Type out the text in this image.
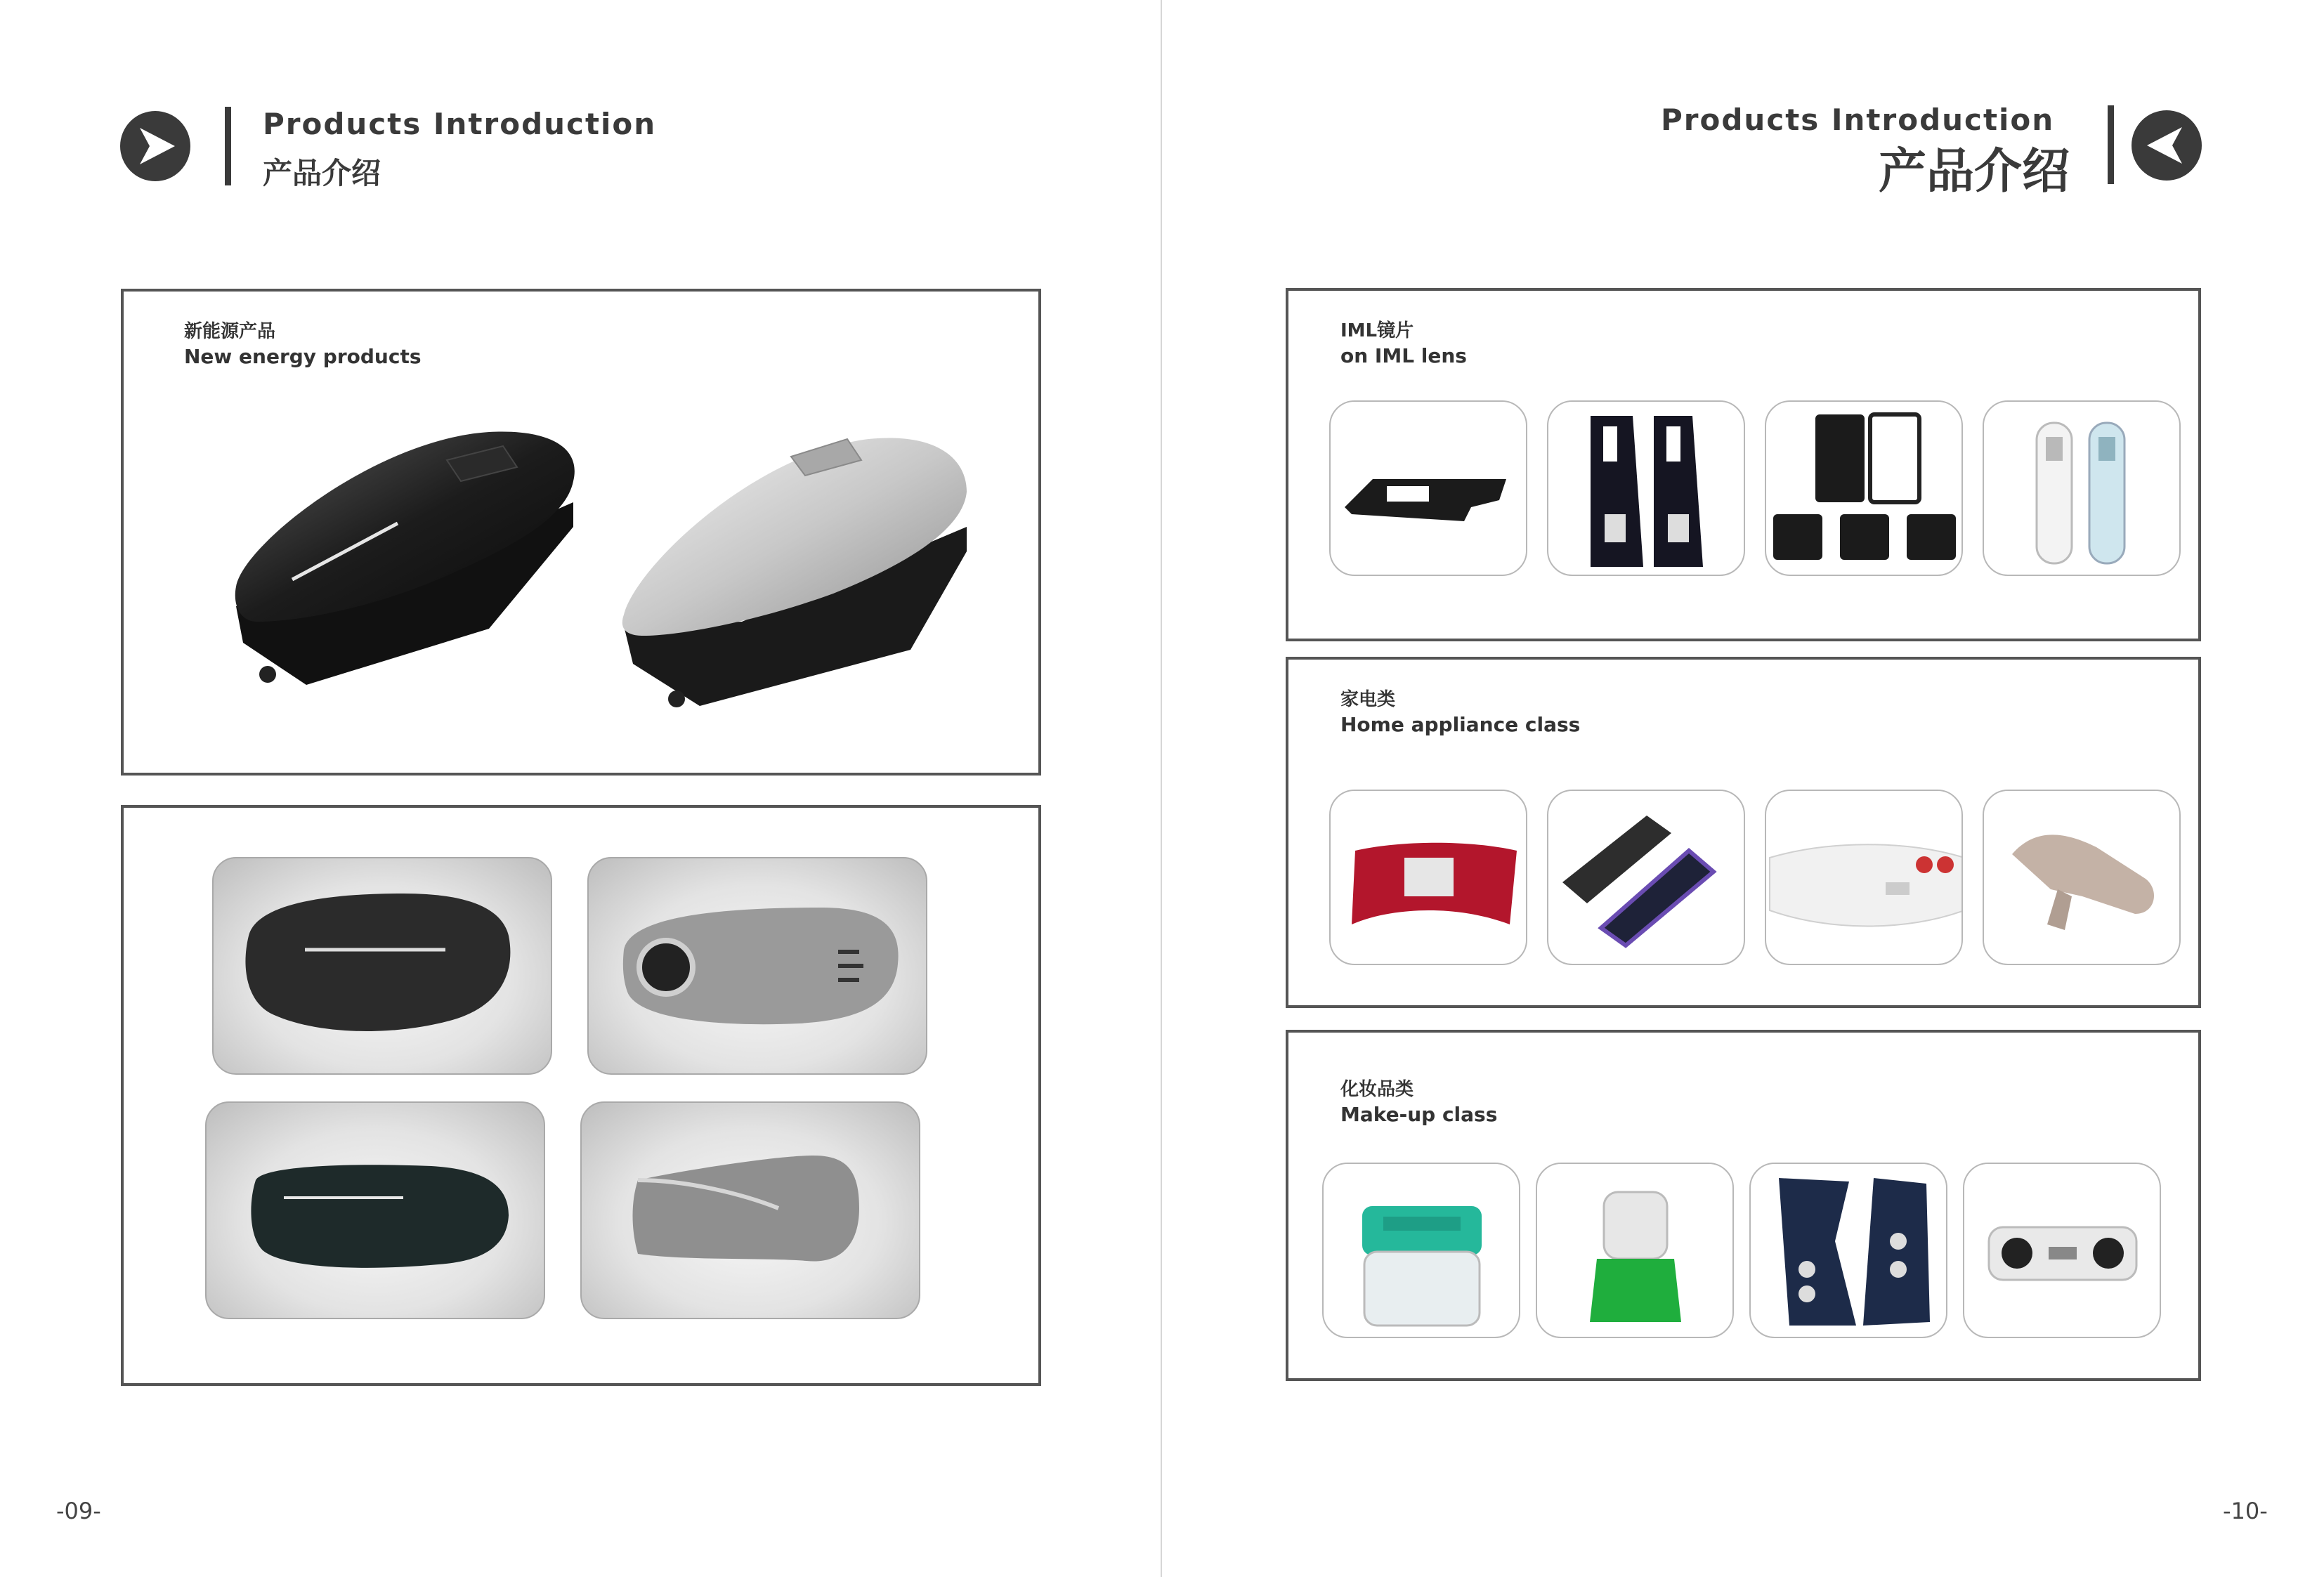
Products Introduction
产品介绍
新能源产品
New energy products
-09-
Products Introduction
产品介绍
IML镜片
on IML lens
家电类
Home appliance class
化妆品类
Make-up class
-10-
